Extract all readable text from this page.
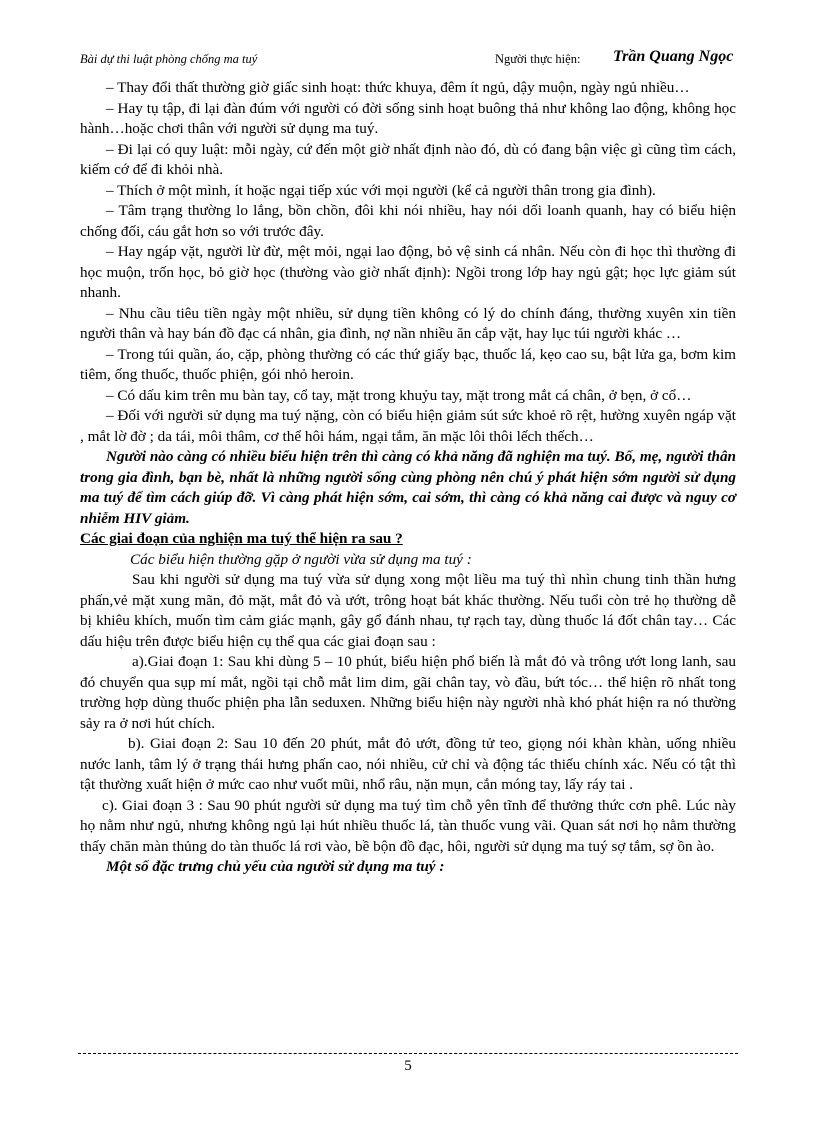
Bài dự thi luật phòng chống ma tuý	Người thực hiện: Trần Quang Ngọc

– Thay đổi thất thường giờ giấc sinh hoạt: thức khuya, đêm ít ngủ, dậy muộn, ngày ngủ nhiều…

– Hay tụ tập, đi lại đàn đúm với người có đời sống sinh hoạt buông thả như không lao động, không học hành…hoặc chơi thân với người sử dụng ma tuý.

– Đi lại có quy luật: mỗi ngày, cứ đến một giờ nhất định nào đó, dù có đang bận việc gì cũng tìm cách, kiếm cớ để đi khỏi nhà.

– Thích ở một mình, ít hoặc ngại tiếp xúc với mọi người (kể cả người thân trong gia đình).

– Tâm trạng thường lo lắng, bồn chồn, đôi khi nói nhiều, hay nói dối loanh quanh, hay có biểu hiện chống đối, cáu gắt hơn so với trước đây.

– Hay ngáp vặt, người lừ đừ, mệt mỏi, ngại lao động, bỏ vệ sinh cá nhân. Nếu còn đi học thì thường đi học muộn, trốn học, bỏ giờ học (thường vào giờ nhất định): Ngồi trong lớp hay ngủ gật; học lực giảm sút nhanh.

– Nhu cầu tiêu tiền ngày một nhiều, sử dụng tiền không có lý do chính đáng, thường xuyên xin tiền người thân và hay bán đồ đạc cá nhân, gia đình, nợ nần nhiều ăn cắp vặt, hay lục túi người khác …

– Trong túi quần, áo, cặp, phòng thường có các thứ giấy bạc, thuốc lá, kẹo cao su, bật lửa ga, bơm kim tiêm, ống thuốc, thuốc phiện, gói nhỏ heroin.

– Có dấu kim trên mu bàn tay, cổ tay, mặt trong khuỷu tay, mặt trong mắt cá chân, ở bẹn, ở cổ…

– Đối với người sử dụng ma tuý nặng, còn có biểu hiện giảm sút sức khoẻ rõ rệt, hường xuyên ngáp vặt , mắt lờ đờ ; da tái, môi thâm, cơ thể hôi hám, ngại tắm, ăn mặc lôi thôi lếch thếch…

Người nào càng có nhiều biểu hiện trên thì càng có khả năng đã nghiện ma tuý. Bố, mẹ, người thân trong gia đình, bạn bè, nhất là những người sống cùng phòng nên chú ý phát hiện sớm người sử dụng ma tuý để tìm cách giúp đỡ. Vì càng phát hiện sớm, cai sớm, thì càng có khả năng cai được và nguy cơ nhiễm HIV giảm.

Các giai đoạn của nghiện ma tuý thể hiện ra sau ?

Các biểu hiện thường gặp ở người vừa sử dụng ma tuý :

Sau khi người sử dụng ma tuý vừa sử dụng xong một liều ma tuý thì nhìn chung tinh thần hưng phấn,vẻ mặt xung mãn, đỏ mặt, mắt đỏ và ướt, trông hoạt bát khác thường. Nếu tuổi còn trẻ họ thường dễ bị khiêu khích, muốn tìm cảm giác mạnh, gây gổ đánh nhau, tự rạch tay, dùng thuốc lá đốt chân tay… Các dấu hiệu trên được biểu hiện cụ thể qua các giai đoạn sau :

a).Giai đoạn 1: Sau khi dùng 5 – 10 phút, biểu hiện phổ biến là mắt đỏ và trông ướt long lanh, sau đó chuyển qua sụp mí mắt, ngồi tại chỗ mắt lim dim, gãi chân tay, vò đầu, bứt tóc… thể hiện rõ nhất tong trường hợp dùng thuốc phiện pha lẫn seduxen. Những biểu hiện này người nhà khó phát hiện ra nó thường sảy ra ở nơi hút chích.

b). Giai đoạn 2: Sau 10 đến 20 phút, mắt đỏ ướt, đồng tử teo, giọng nói khàn khàn, uống nhiều nước lanh, tâm lý ở trạng thái hưng phấn cao, nói nhiều, cử chỉ và động tác thiếu chính xác. Nếu có tật thì tật thường xuất hiện ở mức cao như vuốt mũi, nhổ râu, nặn mụn, cắn móng tay, lấy ráy tai .

c). Giai đoạn 3 : Sau 90 phút người sử dụng ma tuý tìm chỗ yên tĩnh để thưởng thức cơn phê. Lúc này họ nằm như ngủ, nhưng không ngủ lại hút nhiều thuốc lá, tàn thuốc vung vãi. Quan sát nơi họ nằm thường thấy chăn màn thủng do tàn thuốc lá rơi vào, bề bộn đồ đạc, hôi, người sử dụng ma tuý sợ tắm, sợ ồn ào.

Một số đặc trưng chủ yếu của người sử dụng ma tuý :

5
